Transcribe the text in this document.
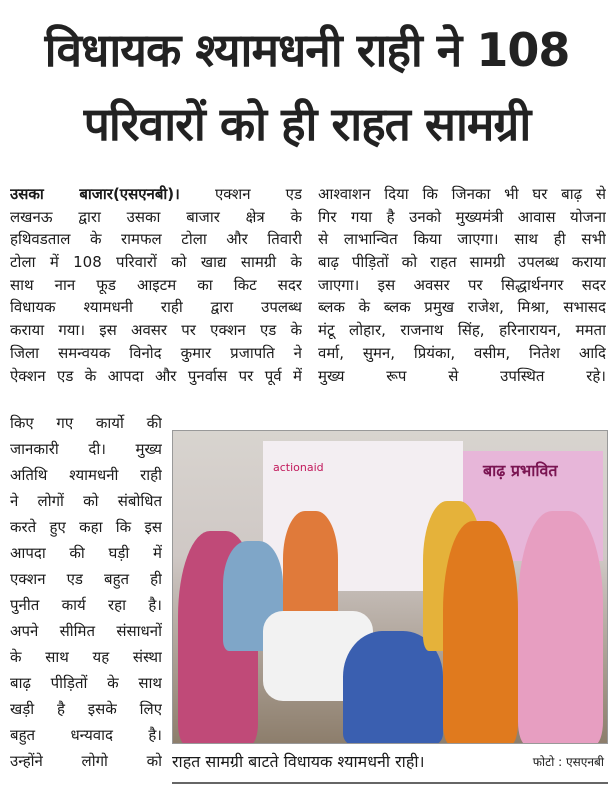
विधायक श्यामधनी राही ने 108
परिवारों को ही राहत सामग्री
उसका बाजार(एसएनबी)। एक्शन एड
लखनऊ द्वारा उसका बाजार क्षेत्र के
हथिवडताल के रामफल टोला और तिवारी
टोला में 108 परिवारों को खाद्य सामग्री के
साथ नान फूड आइटम का किट सदर
विधायक श्यामधनी राही द्वारा उपलब्ध
कराया गया। इस अवसर पर एक्शन एड के
जिला समन्वयक विनोद कुमार प्रजापति ने
ऐक्शन एड के आपदा और पुनर्वास पर पूर्व में
आश्वाशन दिया कि जिनका भी घर बाढ़ से
गिर गया है उनको मुख्यमंत्री आवास योजना
से लाभान्वित किया जाएगा। साथ ही सभी
बाढ़ पीड़ितों को राहत सामग्री उपलब्ध कराया
जाएगा। इस अवसर पर सिद्धार्थनगर सदर
ब्लक के ब्लक प्रमुख राजेश, मिश्रा, सभासद
मंटू लोहार, राजनाथ सिंह, हरिनारायन, ममता
वर्मा, सुमन, प्रियंका, वसीम, नितेश आदि
मुख्य रूप से उपस्थित रहे।
किए गए कार्यो की
जानकारी दी। मुख्य
अतिथि श्यामधनी राही
ने लोगों को संबोधित
करते हुए कहा कि इस
आपदा की घड़ी में
एक्शन एड बहुत ही
पुनीत कार्य रहा है।
अपने सीमित संसाधनों
के साथ यह संस्था
बाढ़ पीड़ितों के साथ
खड़ी है इसके लिए
बहुत धन्यवाद है।
उन्होंने लोगो को
actionaid	बाढ़ प्रभावित
राहत सामग्री बाटते विधायक श्यामधनी राही।	फोटो : एसएनबी
